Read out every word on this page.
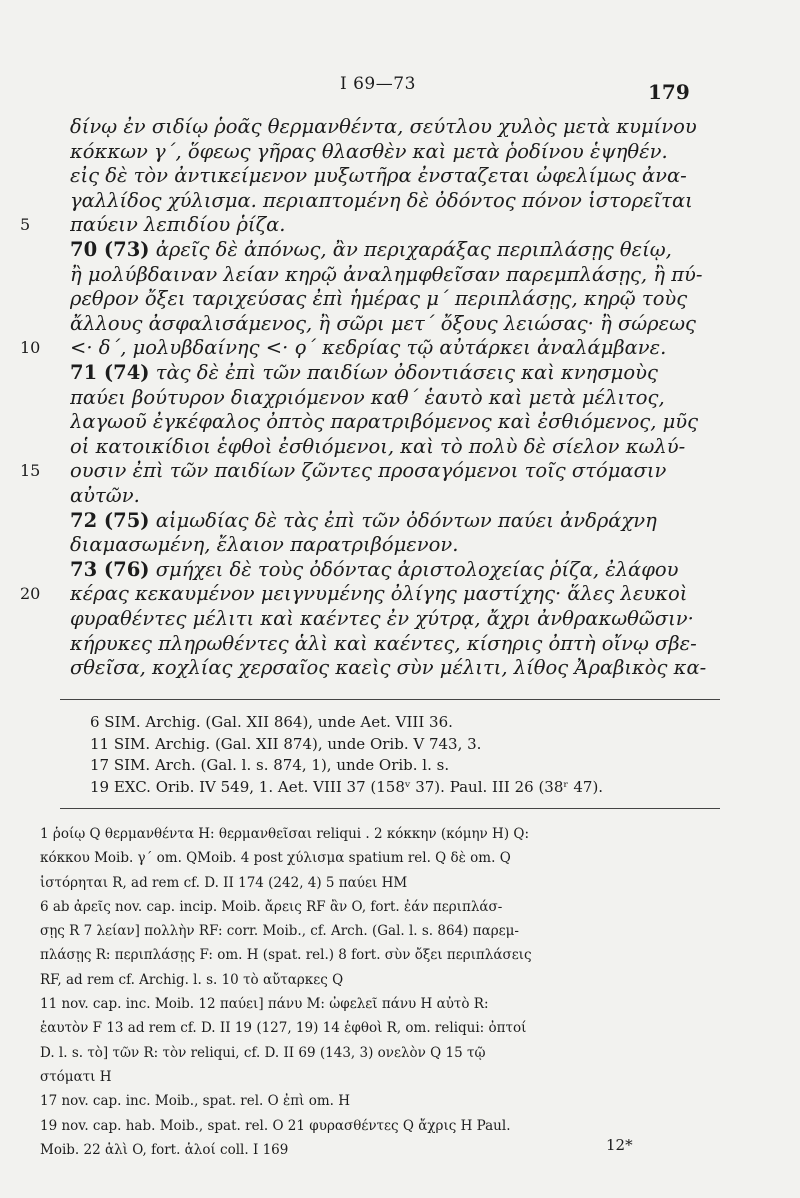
I 69—73	179
δίνῳ ἐν σιδίῳ ῥοᾶς θερμανθέντα, σεύτλου χυλὸς μετὰ κυμίνου
κόκκων γ΄, ὅφεως γῆρας θλασθὲν καὶ μετὰ ῥοδίνου ἑψηθέν.
εἰς δὲ τὸν ἀντικείμενον μυξωτῆρα ἐνσταζεται ὠφελίμως ἀνα-
γαλλίδος χύλισμα. περιαπτομένη δὲ ὀδόντος πόνον ἱστορεῖται
5 παύειν λεπιδίου ῥίζα.
70 (73) ἀρεῖς δὲ ἀπόνως, ἂν περιχαράξας περιπλάσῃς θείῳ,
ἢ μολύβδαιναν λείαν κηρῷ ἀναλημφθεῖσαν παρεμπλάσῃς, ἢ πύ-
ρεθρον ὄξει ταριχεύσας ἐπὶ ἡμέρας μ΄ περιπλάσῃς, κηρῷ τοὺς
ἄλλους ἀσφαλισάμενος, ἢ σῶρι μετ΄ ὄξους λειώσας· ἢ σώρεως
10 <· δ΄, μολυβδαίνης <· ϙ΄ κεδρίας τῷ αὐτάρκει ἀναλάμβανε.
71 (74) τὰς δὲ ἐπὶ τῶν παιδίων ὀδοντιάσεις καὶ κνησμοὺς
παύει βούτυρον διαχριόμενον καθ΄ ἑαυτὸ καὶ μετὰ μέλιτος,
λαγωοῦ ἐγκέφαλος ὀπτὸς παρατριβόμενος καὶ ἐσθιόμενος, μῦς
οἱ κατοικίδιοι ἑφθοὶ ἐσθιόμενοι, καὶ τὸ πολὺ δὲ σίελον κωλύ-
15 ουσιν ἐπὶ τῶν παιδίων ζῶντες προσαγόμενοι τοῖς στόμασιν
αὐτῶν.
72 (75) αἱμωδίας δὲ τὰς ἐπὶ τῶν ὀδόντων παύει ἀνδράχνη
διαμασωμένη, ἔλαιον παρατριβόμενον.
73 (76) σμήχει δὲ τοὺς ὀδόντας ἀριστολοχείας ῥίζα, ἐλάφου
20 κέρας κεκαυμένον μειγνυμένης ὀλίγης μαστίχης· ἅλες λευκοὶ
φυραθέντες μέλιτι καὶ καέντες ἐν χύτρᾳ, ἄχρι ἀνθρακωθῶσιν·
κήρυκες πληρωθέντες ἁλὶ καὶ καέντες, κίσηρις ὀπτὴ οἴνῳ σβε-
σθεῖσα, κοχλίας χερσαῖος καεὶς σὺν μέλιτι, λίθος Ἀραβικὸς κα-
6 SIM. Archig. (Gal. XII 864), unde Aet. VIII 36.
11 SIM. Archig. (Gal. XII 874), unde Orib. V 743, 3.
17 SIM. Arch. (Gal. l. s. 874, 1), unde Orib. l. s.
19 EXC. Orib. IV 549, 1. Aet. VIII 37 (158ᵛ 37). Paul. III 26 (38ʳ 47).
1 ῥοίῳ Q θερμανθέντα H: θερμανθεῖσαι reliqui . 2 κόκκην (κόμην H) Q:
κόκκου Moib. γ΄ om. QMoib. 4 post χύλισμα spatium rel. Q δὲ om. Q
ἱστόρηται R, ad rem cf. D. II 174 (242, 4) 5 παύει HM
6 ab ἀρεῖς nov. cap. incip. Moib. ἄρεις RF ἂν O, fort. ἐάν περιπλάσ-
σῃς R 7 λείαν] πολλὴν RF: corr. Moib., cf. Arch. (Gal. l. s. 864) παρεμ-
πλάσῃς R: περιπλάσῃς F: om. H (spat. rel.) 8 fort. σὺν ὄξει περιπλάσεις
RF, ad rem cf. Archig. l. s. 10 τὸ αὔταρκες Q
11 nov. cap. inc. Moib. 12 παύει] πάνυ M: ὠφελεῖ πάνυ H αὐτὸ R:
ἑαυτὸν F 13 ad rem cf. D. II 19 (127, 19) 14 ἑφθοὶ R, om. reliqui: ὀπτοί
D. l. s. τὸ] τῶν R: τὸν reliqui, cf. D. II 69 (143, 3) ονελὸν Q 15 τῷ
στόματι H
17 nov. cap. inc. Moib., spat. rel. O ἐπὶ om. H
19 nov. cap. hab. Moib., spat. rel. O 21 φυρασθέντες Q ἄχρις H Paul.
Moib. 22 ἁλὶ O, fort. ἁλοί coll. I 169	12*
